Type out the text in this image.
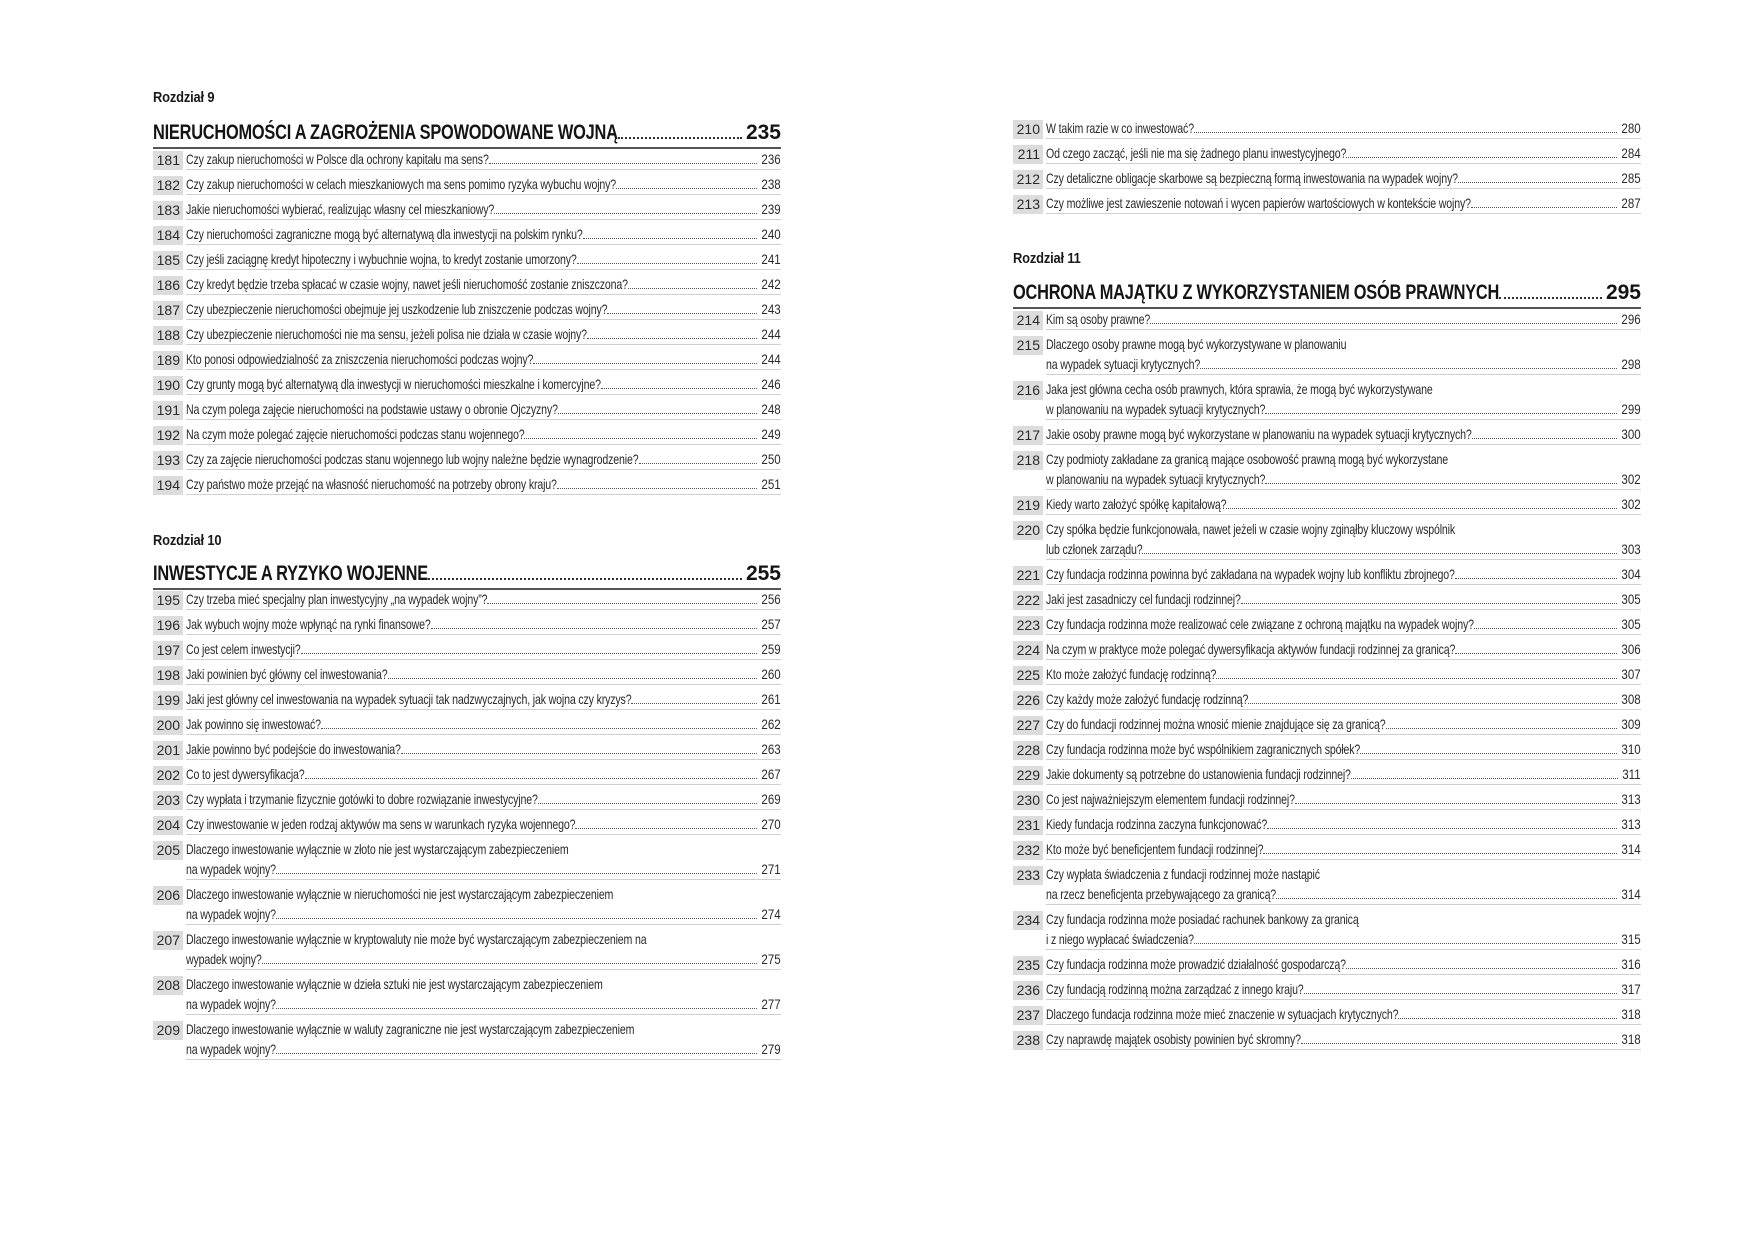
Rozdział 9
NIERUCHOMOŚCI A ZAGROŻENIA SPOWODOWANE WOJNĄ	235
181 Czy zakup nieruchomości w Polsce dla ochrony kapitału ma sens?	236
182 Czy zakup nieruchomości w celach mieszkaniowych ma sens pomimo ryzyka wybuchu wojny?	238
183 Jakie nieruchomości wybierać, realizując własny cel mieszkaniowy?	239
184 Czy nieruchomości zagraniczne mogą być alternatywą dla inwestycji na polskim rynku?	240
185 Czy jeśli zaciągnę kredyt hipoteczny i wybuchnie wojna, to kredyt zostanie umorzony?	241
186 Czy kredyt będzie trzeba spłacać w czasie wojny, nawet jeśli nieruchomość zostanie zniszczona?	242
187 Czy ubezpieczenie nieruchomości obejmuje jej uszkodzenie lub zniszczenie podczas wojny?	243
188 Czy ubezpieczenie nieruchomości nie ma sensu, jeżeli polisa nie działa w czasie wojny?	244
189 Kto ponosi odpowiedzialność za zniszczenia nieruchomości podczas wojny?	244
190 Czy grunty mogą być alternatywą dla inwestycji w nieruchomości mieszkalne i komercyjne?	246
191 Na czym polega zajęcie nieruchomości na podstawie ustawy o obronie Ojczyzny?	248
192 Na czym może polegać zajęcie nieruchomości podczas stanu wojennego?	249
193 Czy za zajęcie nieruchomości podczas stanu wojennego lub wojny należne będzie wynagrodzenie?	250
194 Czy państwo może przejąć na własność nieruchomość na potrzeby obrony kraju?	251
Rozdział 10
INWESTYCJE A RYZYKO WOJENNE	255
195 Czy trzeba mieć specjalny plan inwestycyjny „na wypadek wojny”?	256
196 Jak wybuch wojny może wpłynąć na rynki finansowe?	257
197 Co jest celem inwestycji?	259
198 Jaki powinien być główny cel inwestowania?	260
199 Jaki jest główny cel inwestowania na wypadek sytuacji tak nadzwyczajnych, jak wojna czy kryzys?	261
200 Jak powinno się inwestować?	262
201 Jakie powinno być podejście do inwestowania?	263
202 Co to jest dywersyfikacja?	267
203 Czy wypłata i trzymanie fizycznie gotówki to dobre rozwiązanie inwestycyjne?	269
204 Czy inwestowanie w jeden rodzaj aktywów ma sens w warunkach ryzyka wojennego?	270
205 Dlaczego inwestowanie wyłącznie w złoto nie jest wystarczającym zabezpieczeniem
na wypadek wojny?	271
206 Dlaczego inwestowanie wyłącznie w nieruchomości nie jest wystarczającym zabezpieczeniem
na wypadek wojny?	274
207 Dlaczego inwestowanie wyłącznie w kryptowaluty nie może być wystarczającym zabezpieczeniem na
wypadek wojny?	275
208 Dlaczego inwestowanie wyłącznie w dzieła sztuki nie jest wystarczającym zabezpieczeniem
na wypadek wojny?	277
209 Dlaczego inwestowanie wyłącznie w waluty zagraniczne nie jest wystarczającym zabezpieczeniem
na wypadek wojny?	279
210 W takim razie w co inwestować?	280
211 Od czego zacząć, jeśli nie ma się żadnego planu inwestycyjnego?	284
212 Czy detaliczne obligacje skarbowe są bezpieczną formą inwestowania na wypadek wojny?	285
213 Czy możliwe jest zawieszenie notowań i wycen papierów wartościowych w kontekście wojny?	287
Rozdział 11
OCHRONA MAJĄTKU Z WYKORZYSTANIEM OSÓB PRAWNYCH	295
214 Kim są osoby prawne?	296
215 Dlaczego osoby prawne mogą być wykorzystywane w planowaniu
na wypadek sytuacji krytycznych?	298
216 Jaka jest główna cecha osób prawnych, która sprawia, że mogą być wykorzystywane
w planowaniu na wypadek sytuacji krytycznych?	299
217 Jakie osoby prawne mogą być wykorzystane w planowaniu na wypadek sytuacji krytycznych?	300
218 Czy podmioty zakładane za granicą mające osobowość prawną mogą być wykorzystane
w planowaniu na wypadek sytuacji krytycznych?	302
219 Kiedy warto założyć spółkę kapitałową?	302
220 Czy spółka będzie funkcjonowała, nawet jeżeli w czasie wojny zginąłby kluczowy wspólnik
lub członek zarządu?	303
221 Czy fundacja rodzinna powinna być zakładana na wypadek wojny lub konfliktu zbrojnego?	304
222 Jaki jest zasadniczy cel fundacji rodzinnej?	305
223 Czy fundacja rodzinna może realizować cele związane z ochroną majątku na wypadek wojny?	305
224 Na czym w praktyce może polegać dywersyfikacja aktywów fundacji rodzinnej za granicą?	306
225 Kto może założyć fundację rodzinną?	307
226 Czy każdy może założyć fundację rodzinną?	308
227 Czy do fundacji rodzinnej można wnosić mienie znajdujące się za granicą?	309
228 Czy fundacja rodzinna może być wspólnikiem zagranicznych spółek?	310
229 Jakie dokumenty są potrzebne do ustanowienia fundacji rodzinnej?	311
230 Co jest najważniejszym elementem fundacji rodzinnej?	313
231 Kiedy fundacja rodzinna zaczyna funkcjonować?	313
232 Kto może być beneficjentem fundacji rodzinnej?	314
233 Czy wypłata świadczenia z fundacji rodzinnej może nastąpić
na rzecz beneficjenta przebywającego za granicą?	314
234 Czy fundacja rodzinna może posiadać rachunek bankowy za granicą
i z niego wypłacać świadczenia?	315
235 Czy fundacja rodzinna może prowadzić działalność gospodarczą?	316
236 Czy fundacją rodzinną można zarządzać z innego kraju?	317
237 Dlaczego fundacja rodzinna może mieć znaczenie w sytuacjach krytycznych?	318
238 Czy naprawdę majątek osobisty powinien być skromny?	318
